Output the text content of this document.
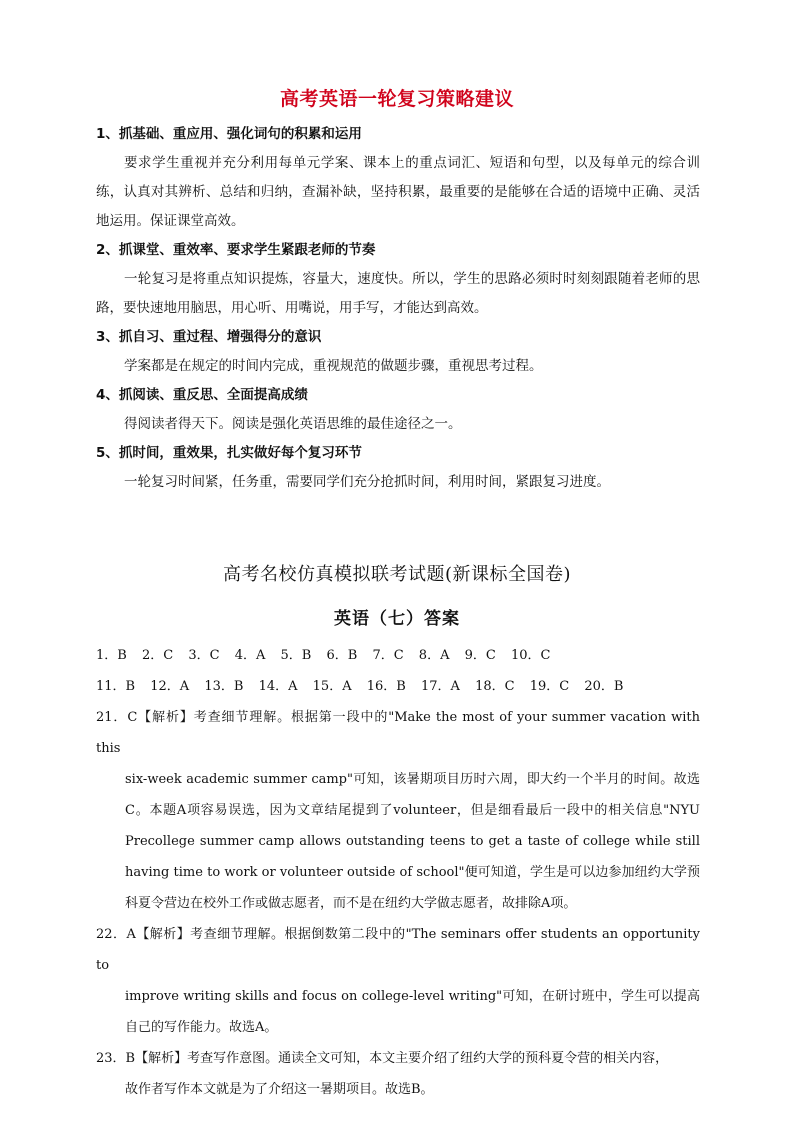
高考英语一轮复习策略建议

1、抓基础、重应用、强化词句的积累和运用

要求学生重视并充分利用每单元学案、课本上的重点词汇、短语和句型，以及每单元的综合训练，认真对其辨析、总结和归纳，查漏补缺，坚持积累，最重要的是能够在合适的语境中正确、灵活地运用。保证课堂高效。

2、抓课堂、重效率、要求学生紧跟老师的节奏

一轮复习是将重点知识提炼，容量大，速度快。所以，学生的思路必须时时刻刻跟随着老师的思路，要快速地用脑思，用心听、用嘴说，用手写，才能达到高效。

3、抓自习、重过程、增强得分的意识

学案都是在规定的时间内完成，重视规范的做题步骤，重视思考过程。

4、抓阅读、重反思、全面提高成绩

得阅读者得天下。阅读是强化英语思维的最佳途径之一。

5、抓时间，重效果，扎实做好每个复习环节

一轮复习时间紧，任务重，需要同学们充分抢抓时间，利用时间，紧跟复习进度。

高考名校仿真模拟联考试题(新课标全国卷)
英语（七）答案

1．B 2．C 3．C 4．A 5．B 6．B 7．C 8．A 9．C 10．C

11．B 12．A 13．B 14．A 15．A 16．B 17．A 18．C 19．C 20．B

21．C【解析】考查细节理解。根据第一段中的"Make the most of your summer vacation with this

six-week academic summer camp"可知，该暑期项目历时六周，即大约一个半月的时间。故选C。本题A项容易误选，因为文章结尾提到了volunteer，但是细看最后一段中的相关信息"NYU Precollege summer camp allows outstanding teens to get a taste of college while still having time to work or volunteer outside of school"便可知道，学生是可以边参加纽约大学预科夏令营边在校外工作或做志愿者，而不是在纽约大学做志愿者，故排除A项。

22．A【解析】考查细节理解。根据倒数第二段中的"The seminars offer students an opportunity to

improve writing skills and focus on college-level writing"可知，在研讨班中，学生可以提高自己的写作能力。故选A。

23．B【解析】考查写作意图。通读全文可知，本文主要介绍了纽约大学的预科夏令营的相关内容，

故作者写作本文就是为了介绍这一暑期项目。故选B。
